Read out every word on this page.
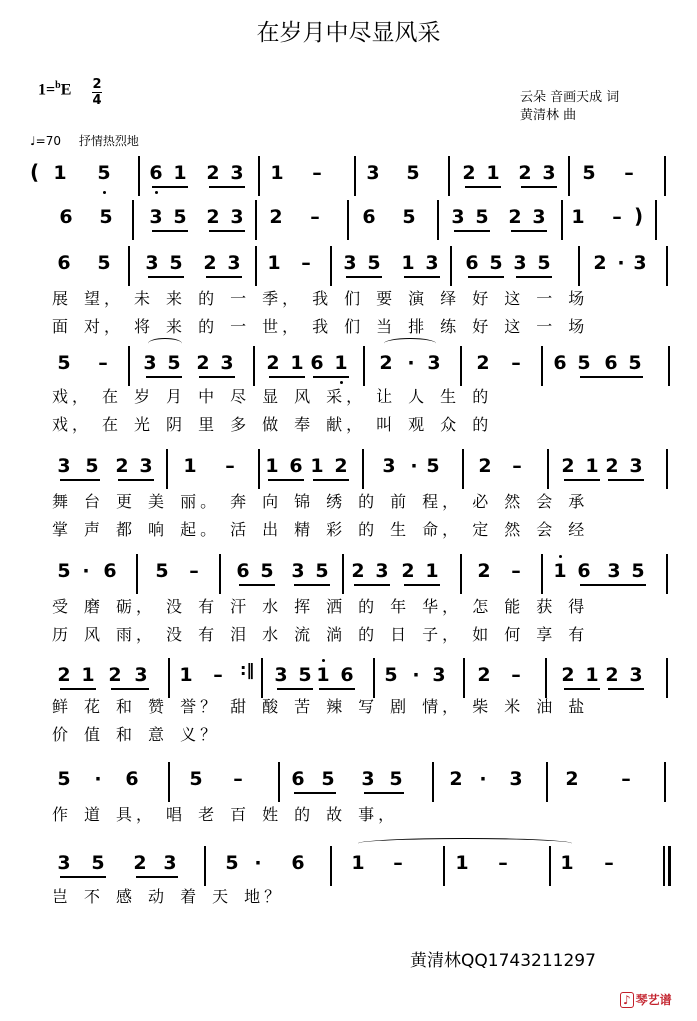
在岁月中尽显风采
1=$^b$E 2
4	云朵 音画天成 词
黄清林 曲
♩=70 抒情热烈地
1 5 6 1 2 3 1 – 3 5 2 1 2 3 5 –
(
6 5 3 5 2 3 2 – 6 5 3 5 2 3 1 – )
6 5 3 5 2 3 1 – 3 5 1 3 6 5 3 5 2 · 3
5 – 3 5 2 3 2 1 6 1 2 · 3 2 – 6 5 6 5
3 5 2 3 1 – 1 6 1 2 3 · 5 2 – 2 1 2 3
5 · 6 5 – 6 5 3 5 2 3 2 1 2 – 1 6 3 5
2 1 2 3 1 –	3 5 1 6 5 · 3 2 – 2 1 2 3
:‖
5 · 6	5 –	6 5 3 5 2 · 3 2 –
3 5 2 3	5 · 6 1 –	1 –	1 –
黄清林QQ1743211297
♪ 琴艺谱
展 望， 未 来 的 一 季， 我 们 要 演 绎 好 这 一 场
面 对， 将 来 的 一 世， 我 们 当 排 练 好 这 一 场
戏， 在 岁 月 中 尽 显 风 采， 让 人 生 的
戏， 在 光 阴 里 多 做 奉 献， 叫 观 众 的
舞 台 更 美 丽。 奔 向 锦 绣 的 前 程， 必 然 会 承
掌 声 都 响 起。 活 出 精 彩 的 生 命， 定 然 会 经
受 磨 砺， 没 有 汗 水 挥 洒 的 年 华， 怎 能 获 得
历 风 雨， 没 有 泪 水 流 淌 的 日 子， 如 何 享 有
鲜 花 和 赞 誉？ 甜 酸 苦 辣 写 剧 情， 柴 米 油 盐
价 值 和 意 义？
作 道 具， 唱 老 百 姓 的 故 事，
岂 不 感 动 着 天 地？
